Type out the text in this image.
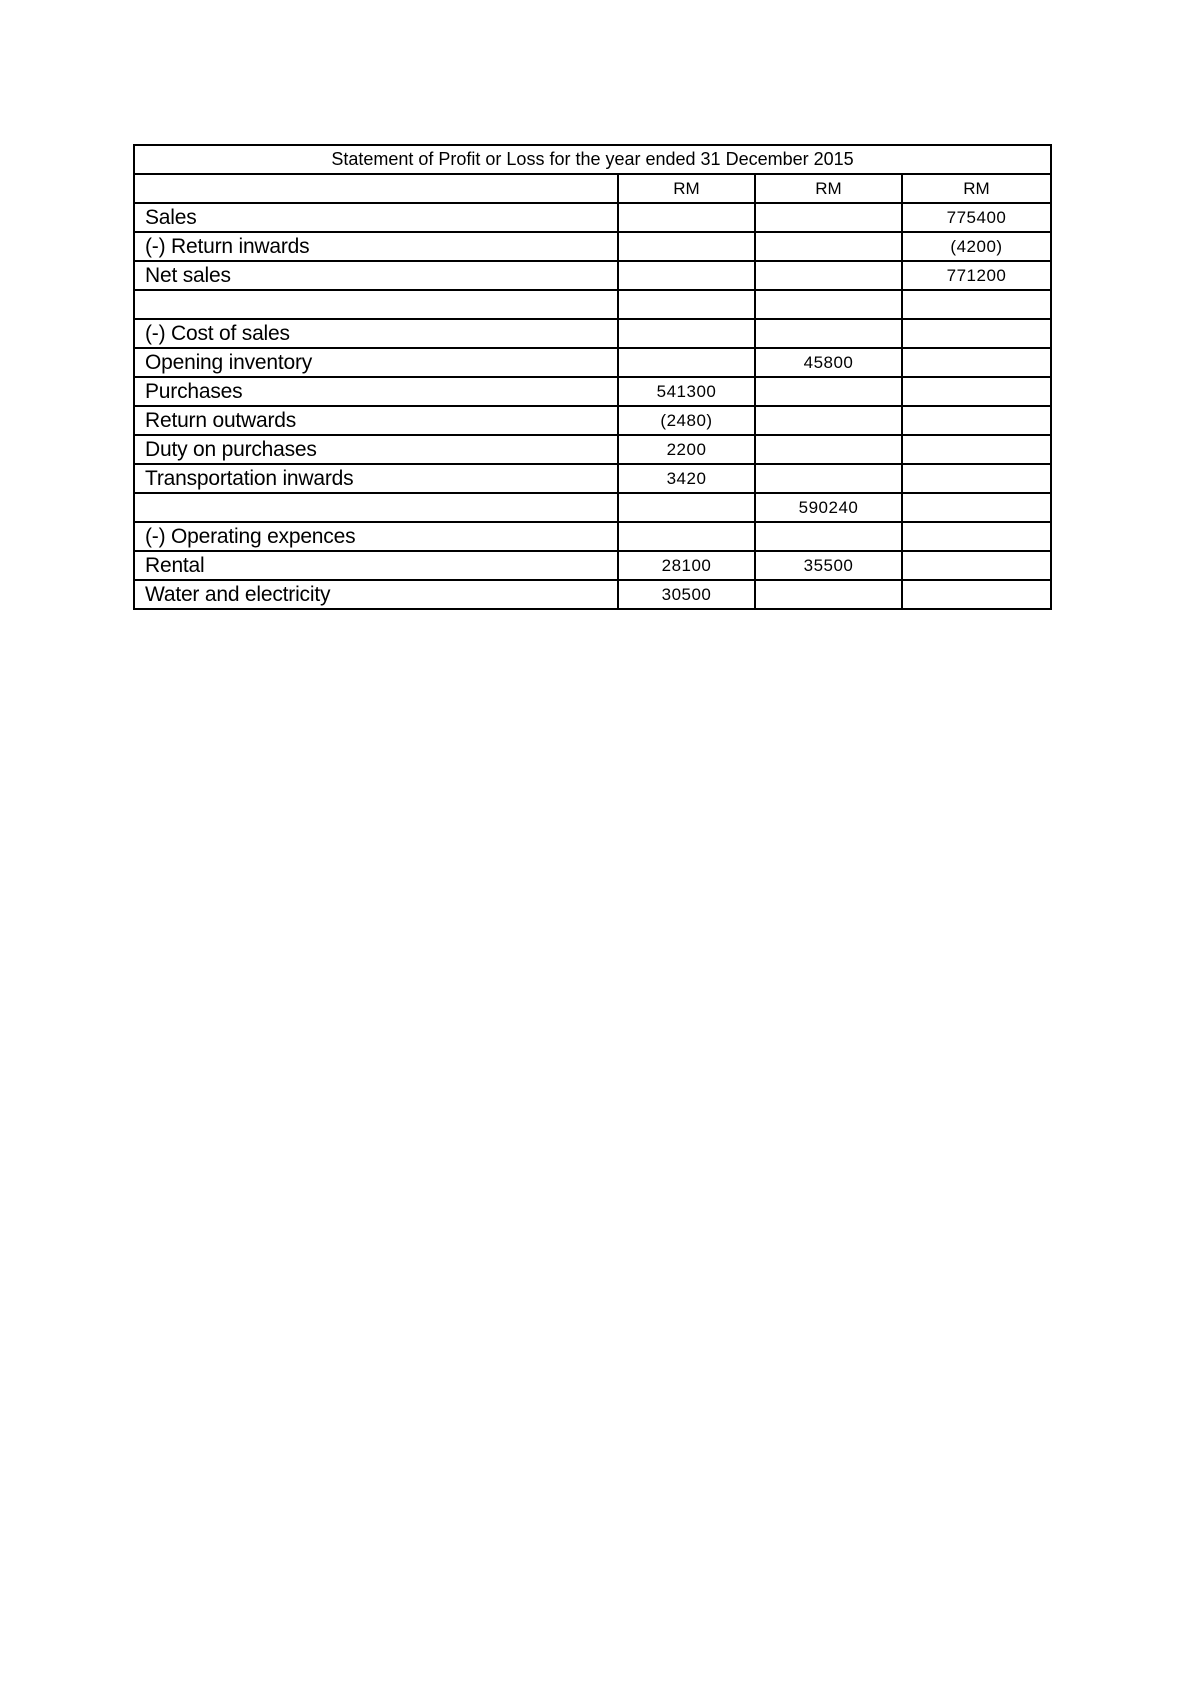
Statement of Profit or Loss for the year ended 31 December 2015			
	RM	RM	RM
Sales			775400
(-) Return inwards			(4200)
Net sales			771200

(-) Cost of sales			
Opening inventory		45800	
Purchases	541300		
Return outwards	(2480)		
Duty on purchases	2200		
Transportation inwards	3420		
		590240	
(-) Operating expences			
Rental	28100	35500	
Water and electricity	30500		
